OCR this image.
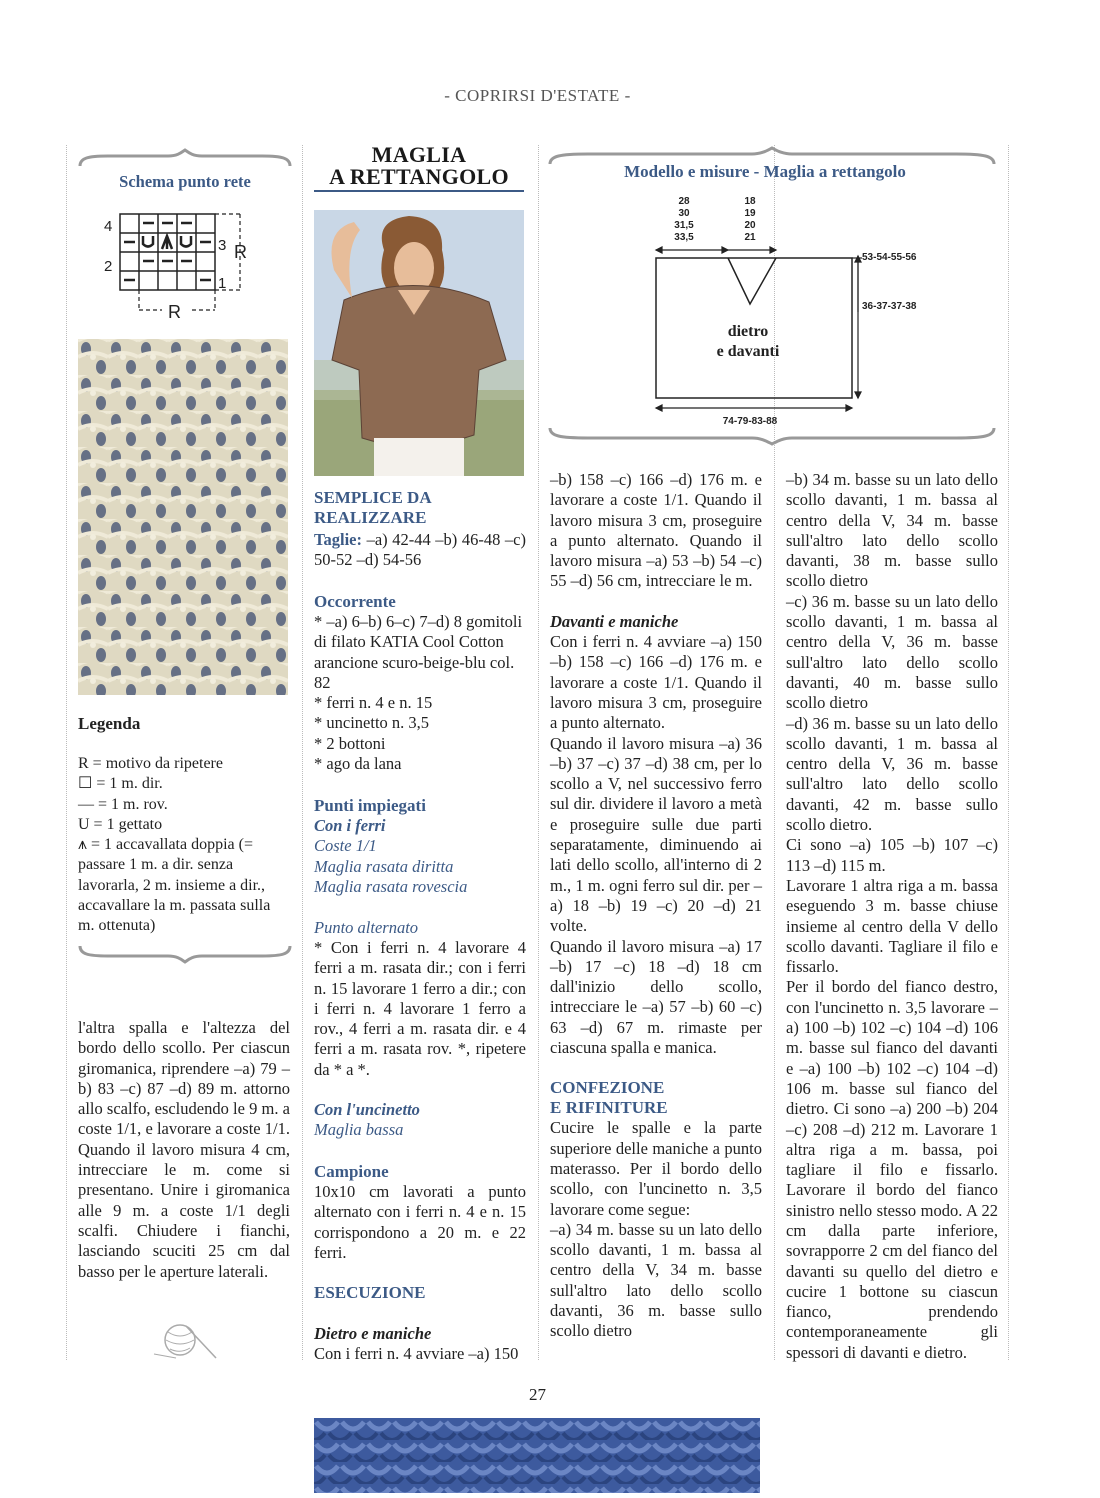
- COPRIRSI D'ESTATE -
Schema punto rete
4
2
3
1
R
R
Legenda
R = motivo da ripetere
☐ = 1 m. dir.
— = 1 m. rov.
U = 1 gettato
⩚ = 1 accavallata doppia (= passare 1 m. a dir. senza lavorarla, 2 m. insieme a dir., accavallare la m. passata sulla m. ottenuta)
l'altra spalla e l'altezza del bordo dello scollo. Per ciascun giromanica, riprendere –a) 79 –b) 83 –c) 87 –d) 89 m. attorno allo scalfo, escludendo le 9 m. a coste 1/1, e lavorare a coste 1/1. Quando il lavoro misura 4 cm, intrecciare le m. come si presentano. Unire i giromanica alle 9 m. a coste 1/1 degli scalfi. Chiudere i fianchi, lasciando scuciti 25 cm dal basso per le aperture laterali.
MAGLIA
A RETTANGOLO
SEMPLICE DA REALIZZARE
Taglie: –a) 42-44 –b) 46-48 –c) 50-52 –d) 54-56
Occorrente

* –a) 6–b) 6–c) 7–d) 8 gomitoli di filato KATIA Cool Cotton arancione scuro-beige-blu col. 82

* ferri n. 4 e n. 15

* uncinetto n. 3,5

* 2 bottoni

* ago da lana

Punti impiegati

Con i ferri

Coste 1/1

Maglia rasata diritta

Maglia rasata rovescia

Punto alternato
* Con i ferri n. 4 lavorare 4 ferri a m. rasata dir.; con i ferri n. 15 lavorare 1 ferro a dir.; con i ferri n. 4 lavorare 1 ferro a rov., 4 ferri a m. rasata dir. e 4 ferri a m. rasata rov. *, ripetere da * a *.

Con l'uncinetto

Maglia bassa

Campione
10x10 cm lavorati a punto alternato con i ferri n. 4 e n. 15 corrispondono a 20 m. e 22 ferri.
ESECUZIONE
Dietro e maniche
Con i ferri n. 4 avviare –a) 150
Modello e misure - Maglia a rettangolo
28
30
31,5
33,5
18
19
20
21
53-54-55-56
36-37-37-38
74-79-83-88
dietro
e davanti

–b) 158 –c) 166 –d) 176 m. e lavorare a coste 1/1. Quando il lavoro misura 3 cm, proseguire a punto alternato. Quando il lavoro misura –a) 53 –b) 54 –c) 55 –d) 56 cm, intrecciare le m.

Davanti e maniche

Con i ferri n. 4 avviare –a) 150 –b) 158 –c) 166 –d) 176 m. e lavorare a coste 1/1. Quando il lavoro misura 3 cm, proseguire a punto alternato.

Quando il lavoro misura –a) 36 –b) 37 –c) 37 –d) 38 cm, per lo scollo a V, nel successivo ferro sul dir. dividere il lavoro a metà e proseguire sulle due parti separatamente, diminuendo ai lati dello scollo, all'interno di 2 m., 1 m. ogni ferro sul dir. per –a) 18 –b) 19 –c) 20 –d) 21 volte.

Quando il lavoro misura –a) 17 –b) 17 –c) 18 –d) 18 cm dall'inizio dello scollo, intrecciare le –a) 57 –b) 60 –c) 63 –d) 67 m. rimaste per ciascuna spalla e manica.

CONFEZIONE

E RIFINITURE

Cucire le spalle e la parte superiore delle maniche a punto materasso. Per il bordo dello scollo, con l'uncinetto n. 3,5 lavorare come segue:

–a) 34 m. basse su un lato dello scollo davanti, 1 m. bassa al centro della V, 34 m. basse sull'altro lato dello scollo davanti, 36 m. basse sullo scollo dietro

–b) 34 m. basse su un lato dello scollo davanti, 1 m. bassa al centro della V, 34 m. basse sull'altro lato dello scollo davanti, 38 m. basse sullo scollo dietro

–c) 36 m. basse su un lato dello scollo davanti, 1 m. bassa al centro della V, 36 m. basse sull'altro lato dello scollo davanti, 40 m. basse sullo scollo dietro

–d) 36 m. basse su un lato dello scollo davanti, 1 m. bassa al centro della V, 36 m. basse sull'altro lato dello scollo davanti, 42 m. basse sullo scollo dietro.

Ci sono –a) 105 –b) 107 –c) 113 –d) 115 m.

Lavorare 1 altra riga a m. bassa eseguendo 3 m. basse chiuse insieme al centro della V dello scollo davanti. Tagliare il filo e fissarlo.

Per il bordo del fianco destro, con l'uncinetto n. 3,5 lavorare –a) 100 –b) 102 –c) 104 –d) 106 m. basse sul fianco del davanti e –a) 100 –b) 102 –c) 104 –d) 106 m. basse sul fianco del dietro. Ci sono –a) 200 –b) 204 –c) 208 –d) 212 m. Lavorare 1 altra riga a m. bassa, poi tagliare il filo e fissarlo. Lavorare il bordo del fianco sinistro nello stesso modo. A 22 cm dalla parte inferiore, sovrapporre 2 cm del fianco del davanti su quello del dietro e cucire 1 bottone su ciascun fianco, prendendo contemporaneamente gli spessori di davanti e dietro.

27
